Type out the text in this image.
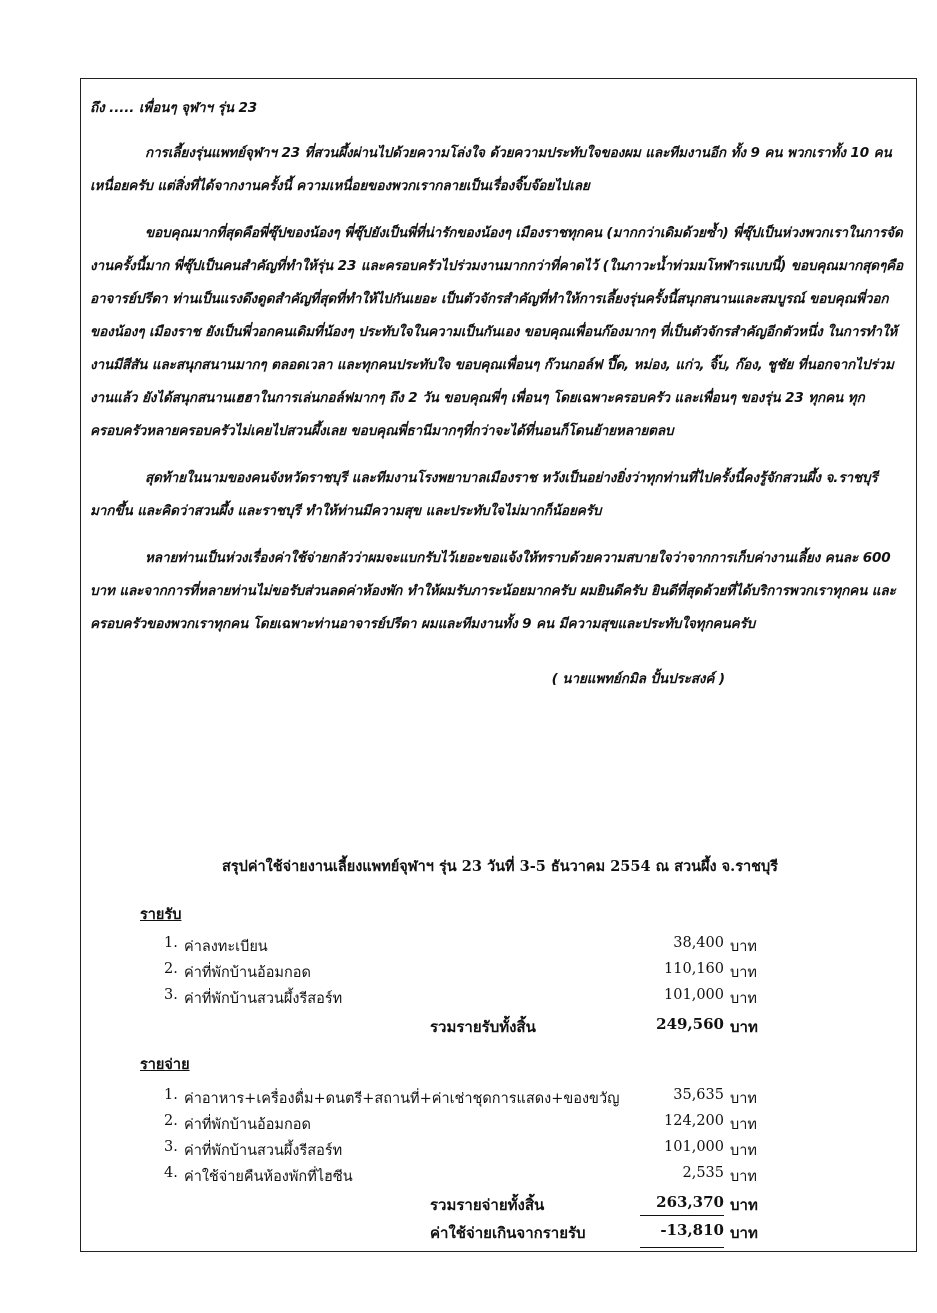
ถึง ..... เพื่อนๆ จุฬาฯ รุ่น 23

การเลี้ยงรุ่นแพทย์จุฬาฯ 23 ที่สวนผึ้งผ่านไปด้วยความโล่งใจ ด้วยความประทับใจของผม และทีมงานอีก ทั้ง 9 คน พวกเราทั้ง 10 คน เหนื่อยครับ แต่สิ่งที่ได้จากงานครั้งนี้ ความเหนื่อยของพวกเรากลายเป็นเรื่องจิ๊บจ๊อยไปเลย

ขอบคุณมากที่สุดคือพี่ซุ๊ปของน้องๆ พี่ซุ๊ปยังเป็นพี่ที่น่ารักของน้องๆ เมืองราชทุกคน (มากกว่าเดิมด้วยซ้ำ) พี่ซุ๊ปเป็นห่วงพวกเราในการจัดงานครั้งนี้มาก พี่ซุ๊ปเป็นคนสำคัญที่ทำให้รุ่น 23 และครอบครัวไปร่วมงานมากกว่าที่คาดไว้ (ในภาวะน้ำท่วมมโหฬารแบบนี้) ขอบคุณมากสุดๆคือ อาจารย์ปรีดา ท่านเป็นแรงดึงดูดสำคัญที่สุดที่ทำให้ไปกันเยอะ เป็นตัวจักรสำคัญที่ทำให้การเลี้ยงรุ่นครั้งนี้สนุกสนานและสมบูรณ์ ขอบคุณพี่วอกของน้องๆ เมืองราช ยังเป็นพี่วอกคนเดิมที่น้องๆ ประทับใจในความเป็นกันเอง ขอบคุณเพื่อนก๊องมากๆ ที่เป็นตัวจักรสำคัญอีกตัวหนึ่ง ในการทำให้งานมีสีสัน และสนุกสนานมากๆ ตลอดเวลา และทุกคนประทับใจ ขอบคุณเพื่อนๆ ก๊วนกอล์ฟ ปึ๊ด, หม่อง, แก่ว, จิ๊บ, ก๊อง, ชูชัย ที่นอกจากไปร่วมงานแล้ว ยังได้สนุกสนานเฮฮาในการเล่นกอล์ฟมากๆ ถึง 2 วัน ขอบคุณพี่ๆ เพื่อนๆ โดยเฉพาะครอบครัว และเพื่อนๆ ของรุ่น 23 ทุกคน ทุกครอบครัวหลายครอบครัวไม่เคยไปสวนผึ้งเลย ขอบคุณพี่ธานีมากๆที่กว่าจะได้ที่นอนก็โดนย้ายหลายตลบ

สุดท้ายในนามของคนจังหวัดราชบุรี และทีมงานโรงพยาบาลเมืองราช หวังเป็นอย่างยิ่งว่าทุกท่านที่ไปครั้งนี้คงรู้จักสวนผึ้ง จ.ราชบุรี มากขึ้น และคิดว่าสวนผึ้ง และราชบุรี ทำให้ท่านมีความสุข และประทับใจไม่มากก็น้อยครับ

หลายท่านเป็นห่วงเรื่องค่าใช้จ่ายกลัวว่าผมจะแบกรับไว้เยอะขอแจ้งให้ทราบด้วยความสบายใจว่าจากการเก็บค่างานเลี้ยง คนละ 600 บาท และจากการที่หลายท่านไม่ขอรับส่วนลดค่าห้องพัก ทำให้ผมรับภาระน้อยมากครับ ผมยินดีครับ ยินดีที่สุดด้วยที่ได้บริการพวกเราทุกคน และครอบครัวของพวกเราทุกคน โดยเฉพาะท่านอาจารย์ปรีดา ผมและทีมงานทั้ง 9 คน มีความสุขและประทับใจทุกคนครับ

( นายแพทย์กมิล ปั้นประสงค์ )

สรุปค่าใช้จ่ายงานเลี้ยงแพทย์จุฬาฯ รุ่น 23 วันที่ 3-5 ธันวาคม 2554 ณ สวนผึ้ง จ.ราชบุรี
รายรับ
1. ค่าลงทะเบียน	38,400 บาท
2. ค่าที่พักบ้านอ้อมกอด	110,160 บาท
3. ค่าที่พักบ้านสวนผึ้งรีสอร์ท	101,000 บาท
รวมรายรับทั้งสิ้น	249,560 บาท
รายจ่าย
1. ค่าอาหาร+เครื่องดื่ม+ดนตรี+สถานที่+ค่าเช่าชุดการแสดง+ของขวัญ	35,635 บาท
2. ค่าที่พักบ้านอ้อมกอด	124,200 บาท
3. ค่าที่พักบ้านสวนผึ้งรีสอร์ท	101,000 บาท
4. ค่าใช้จ่ายคืนห้องพักที่ไฮซีน	2,535 บาท
รวมรายจ่ายทั้งสิ้น	263,370 บาท
ค่าใช้จ่ายเกินจากรายรับ	-13,810 บาท
